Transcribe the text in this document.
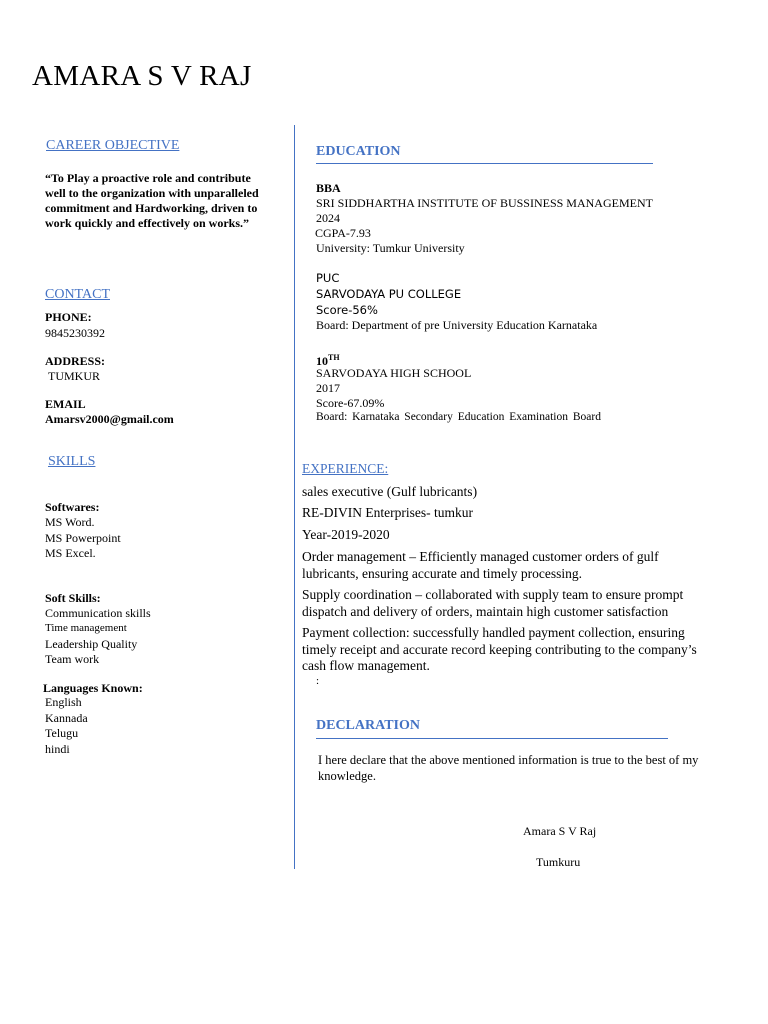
AMARA S V RAJ
CAREER OBJECTIVE
“To Play a proactive role and contribute well to the organization with unparalleled commitment and Hardworking, driven to work quickly and effectively on works.”
CONTACT
PHONE:
9845230392
ADDRESS:
TUMKUR
EMAIL
Amarsv2000@gmail.com
SKILLS
Softwares:
MS Word.
MS Powerpoint
MS Excel.
Soft Skills:
Communication skills
Time management
Leadership Quality
Team work
Languages Known:
English
Kannada
Telugu
hindi
EDUCATION
BBA
SRI SIDDHARTHA INSTITUTE OF BUSSINESS MANAGEMENT
2024
CGPA-7.93
University: Tumkur University
PUC
SARVODAYA PU COLLEGE
Score-56%
Board: Department of pre University Education Karnataka
10TH
SARVODAYA HIGH SCHOOL
2017
Score-67.09%
Board: Karnataka Secondary Education Examination Board
EXPERIENCE:
sales executive (Gulf lubricants)
RE-DIVIN Enterprises- tumkur
Year-2019-2020
Order management – Efficiently managed customer orders of gulf lubricants, ensuring accurate and timely processing.
Supply coordination – collaborated with supply team to ensure prompt dispatch and delivery of orders, maintain high customer satisfaction
Payment collection: successfully handled payment collection, ensuring timely receipt and accurate record keeping contributing to the company’s cash flow management.
:
DECLARATION
I here declare that the above mentioned information is true to the best of my knowledge.
Amara S V Raj
Tumkuru
